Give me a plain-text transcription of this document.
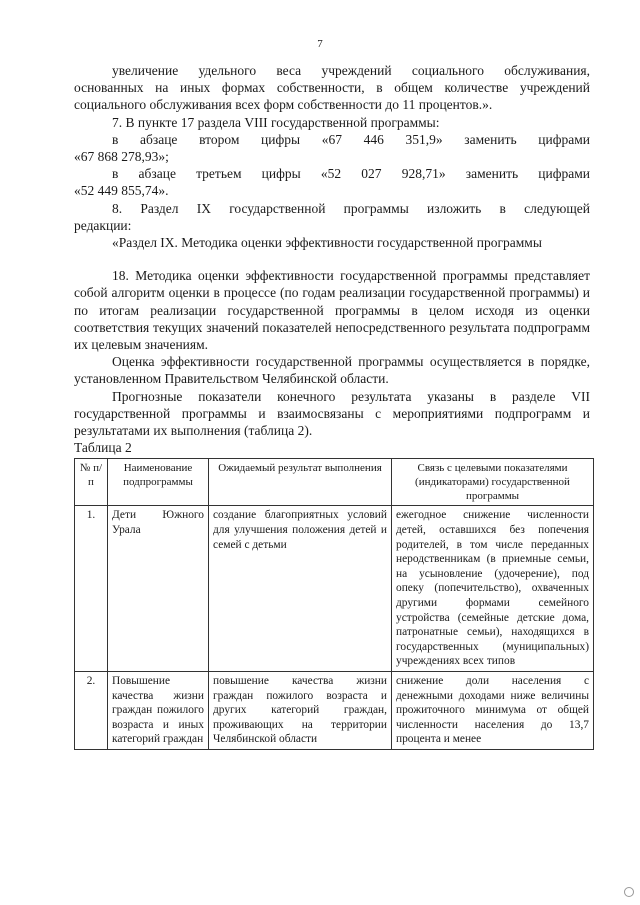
7

увеличение удельного веса учреждений социального обслуживания,

основанных на иных формах собственности, в общем количестве учреждений

социального обслуживания всех форм собственности до 11 процентов.».

7. В пункте 17 раздела VIII государственной программы:

в абзаце втором цифры «67 446 351,9» заменить цифрами

«67 868 278,93»;

в абзаце третьем цифры «52 027 928,71» заменить цифрами

«52 449 855,74».

8. Раздел IX государственной программы изложить в следующей

редакции:

«Раздел IX. Методика оценки эффективности государственной программы

18. Методика оценки эффективности государственной программы представляет собой алгоритм оценки в процессе (по годам реализации государственной программы) и по итогам реализации государственной программы в целом исходя из оценки соответствия текущих значений показателей непосредственного результата подпрограмм их целевым значениям.

Оценка эффективности государственной программы осуществляется в порядке, установленном Правительством Челябинской области.

Прогнозные показатели конечного результата указаны в разделе VII государственной программы и взаимосвязаны с мероприятиями подпрограмм и результатами их выполнения (таблица 2).

Таблица 2

№ п/п	Наименование подпрограммы	Ожидаемый результат выполнения	Связь с целевыми показателями (индикаторами) государственной программы
1.	Дети Южного Урала	создание благоприятных условий для улучшения положения детей и семей с детьми	ежегодное снижение численности детей, оставшихся без попечения родителей, в том числе переданных неродственникам (в приемные семьи, на усыновление (удочерение), под опеку (попечительство), охваченных другими формами семейного устройства (семейные детские дома, патронатные семьи), находящихся в государственных (муниципальных) учреждениях всех типов
2.	Повышение качества жизни граждан пожилого возраста и иных категорий граждан	повышение качества жизни граждан пожилого возраста и других категорий граждан, проживающих на территории Челябинской области	снижение доли населения с денежными доходами ниже величины прожиточного минимума от общей численности населения до 13,7 процента и менее
